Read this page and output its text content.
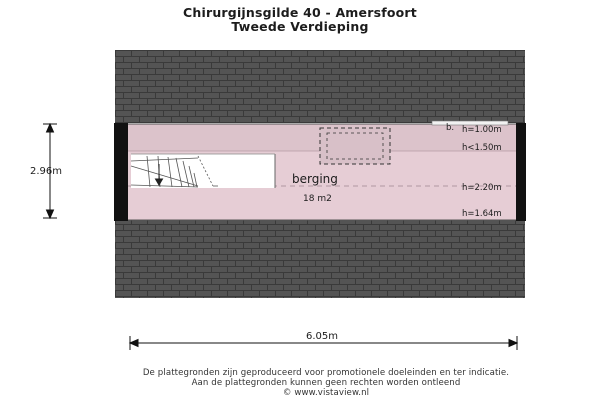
Chirurgijnsgilde 40 - Amersfoort
Tweede Verdieping
berging
18 m2
b. h=1.00m
h<1.50m
h=2.20m
h=1.64m
2.96m
6.05m
De plattegronden zijn geproduceerd voor promotionele doeleinden en ter indicatie.
Aan de plattegronden kunnen geen rechten worden ontleend
© www.vistaview.nl
